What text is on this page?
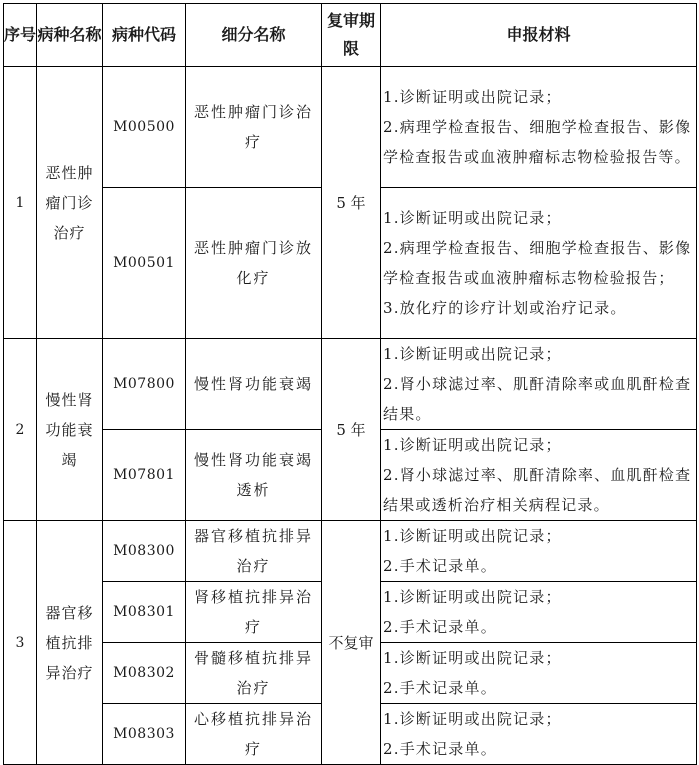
序号	病种名称	病种代码	细分名称	复审期限	申报材料
1	恶性肿瘤门诊治疗	M00500	恶性肿瘤门诊治疗	5 年	1.诊断证明或出院记录；
2.病理学检查报告、细胞学检查报告、影像学检查报告或血液肿瘤标志物检验报告等。

		M00501	恶性肿瘤门诊放化疗		1.诊断证明或出院记录；
2.病理学检查报告、细胞学检查报告、影像学检查报告或血液肿瘤标志物检验报告；
3.放化疗的诊疗计划或治疗记录。

2	慢性肾功能衰竭	M07800	慢性肾功能衰竭	5 年	1.诊断证明或出院记录；
2.肾小球滤过率、肌酐清除率或血肌酐检查结果。

		M07801	慢性肾功能衰竭透析		1.诊断证明或出院记录；
2.肾小球滤过率、肌酐清除率、血肌酐检查结果或透析治疗相关病程记录。

3	器官移植抗排异治疗	M08300	器官移植抗排异治疗	不复审	1.诊断证明或出院记录；
2.手术记录单。

		M08301	肾移植抗排异治疗		1.诊断证明或出院记录；
2.手术记录单。

		M08302	骨髓移植抗排异治疗		1.诊断证明或出院记录；
2.手术记录单。

		M08303	心移植抗排异治疗		1.诊断证明或出院记录；
2.手术记录单。
